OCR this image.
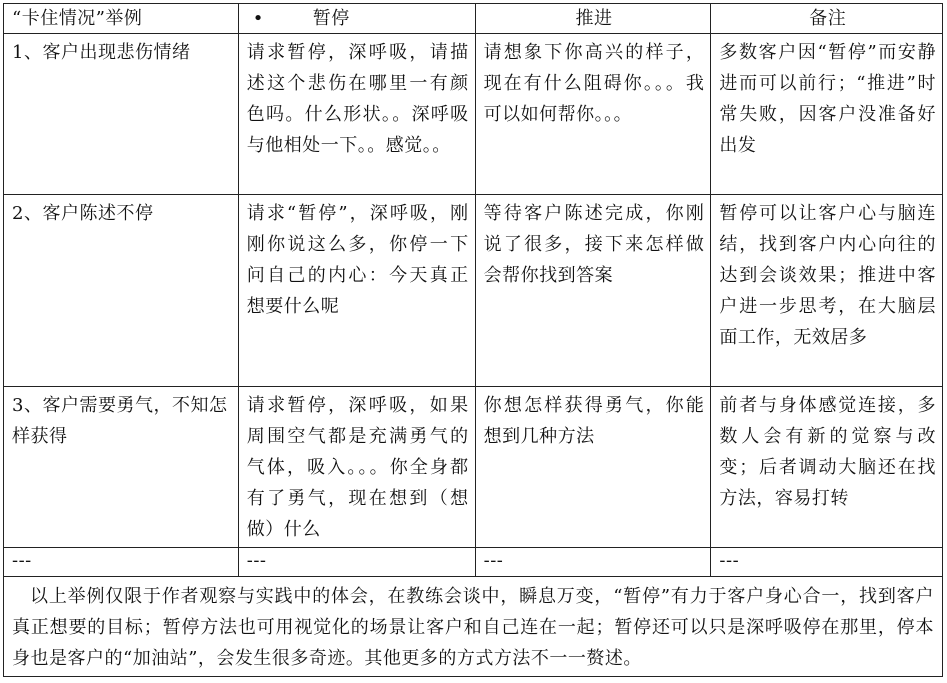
“卡住情况”举例	• 暂停	推进	备注
1、客户出现悲伤情绪	请求暂停，深呼吸，请描述这个悲伤在哪里一有颜色吗。什么形状。。深呼吸与他相处一下。。感觉。。	请想象下你高兴的样子，现在有什么阻碍你。。。我可以如何帮你。。。	多数客户因“暂停”而安静进而可以前行；“推进”时常失败，因客户没准备好出发
2、客户陈述不停	请求“暂停”，深呼吸，刚刚你说这么多，你停一下问自己的内心：今天真正想要什么呢	等待客户陈述完成，你刚说了很多，接下来怎样做会帮你找到答案	暂停可以让客户心与脑连结，找到客户内心向往的达到会谈效果；推进中客户进一步思考，在大脑层面工作，无效居多
3、客户需要勇气，不知怎样获得	请求暂停，深呼吸，如果周围空气都是充满勇气的气体，吸入。。。你全身都有了勇气，现在想到（想做）什么	你想怎样获得勇气，你能想到几种方法	前者与身体感觉连接，多数人会有新的觉察与改变；后者调动大脑还在找方法，容易打转
---	---	---	---
以上举例仅限于作者观察与实践中的体会，在教练会谈中，瞬息万变，“暂停”有力于客户身心合一，找到客户真正想要的目标；暂停方法也可用视觉化的场景让客户和自己连在一起；暂停还可以只是深呼吸停在那里，停本身也是客户的“加油站”，会发生很多奇迹。其他更多的方式方法不一一赘述。			
